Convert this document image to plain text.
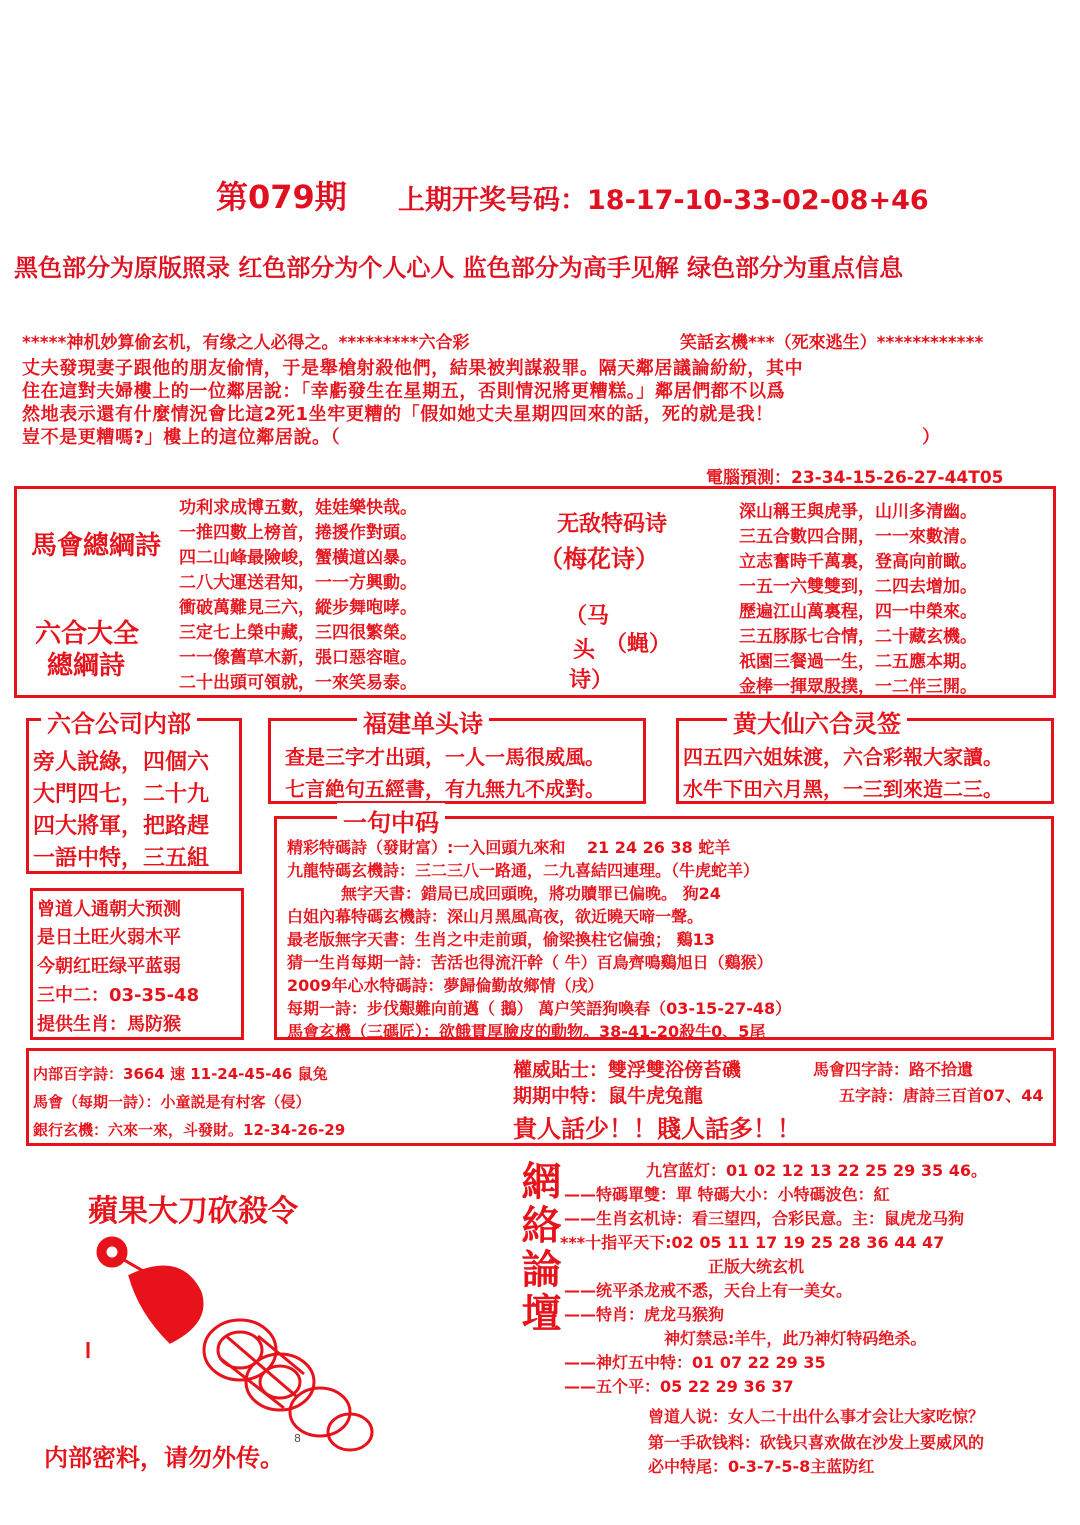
第079期 上期开奖号码：18-17-10-33-02-08+46
黑色部分为原版照录 红色部分为个人心人 监色部分为高手见解 绿色部分为重点信息
*****神机妙算偷玄机，有缘之人必得之。*********六合彩	笑話玄機***（死來逃生）************
丈夫發現妻子跟他的朋友偷情，于是舉槍射殺他們，結果被判謀殺罪。隔天鄰居議論紛紛，其中
住在這對夫婦樓上的一位鄰居說：「幸虧發生在星期五，否則情況將更糟糕。」鄰居們都不以爲
然地表示還有什麼情況會比這2死1坐牢更糟的「假如她丈夫星期四回來的話，死的就是我！
豈不是更糟嗎?」樓上的這位鄰居說。（	）
電腦預測：23-34-15-26-27-44T05
馬會總綱詩
六合大全
總綱詩
功利求成博五數，娃娃樂快哉。
一推四數上榜首，捲援作對頭。
四二山峰最險峻，蟹橫道凶暴。
二八大運送君知，一一方興動。
衝破萬難見三六，縱步舞咆哮。
三定七上榮中藏，三四很繁榮。
一一像舊草木新，張口惡容暄。
二十出頭可領就，一來笑易泰。
无敌特码诗
（梅花诗）
（马
头
诗）
（蝇）
深山稱王與虎爭，山川多清幽。
三五合數四合開，一一來數清。
立志奮時千萬裏，登高向前瞰。
一五一六雙雙到，二四去增加。
歷遍江山萬裏程，四一中榮來。
三五豚豚七合情，二十藏玄機。
祇園三餐過一生，二五應本期。
金棒一揮眾殷撲，一二伴三開。
六合公司内部
旁人說綠，四個六
大門四七，二十九
四大將軍，把路趕
一語中特，三五組
福建单头诗
查是三字才出頭，一人一馬很威風。
七言絶句五經書，有九無九不成對。
黄大仙六合灵签
四五四六姐妹渡，六合彩報大家讀。
水牛下田六月黑，一三到來造二三。
曾道人通朝大预测
是日土旺火弱木平
今朝红旺绿平蓝弱
三中二：03-35-48
提供生肖：馬防猴
一句中码
精彩特碼詩（發財富）:一入回頭九來和　 21 24 26 38 蛇羊
九龍特碼玄機詩：三二三八一路通，二九喜結四連理。（牛虎蛇羊）
無字天書：錯局已成回頭晚，將功贖罪已偏晚。 狗24
白姐內幕特碼玄機詩：深山月黑風高夜，欲近曉天啼一聲。
最老版無字天書：生肖之中走前頭，偷梁換柱它偏強； 鷄13
猜一生肖每期一詩：苦活也得流汗幹（ 牛）百鳥齊鳴鷄旭日（鷄猴）
2009年心水特碼詩：夢歸倫勤故鄉情（戌）
每期一詩：步伐艱難向前邁（ 鵝） 萬户笑語狗喚春（03-15-27-48）
馬會玄機（三碼匠）：欲餓貫厚臉皮的動物。38-41-20殺牛0、5尾
内部百字詩：3664 速 11-24-45-46 鼠兔
馬會（每期一詩）：小童説是有村客（侵）
銀行玄機：六來一來，斗發財。12-34-26-29
權威貼士：雙浮雙浴傍苔磯	馬會四字詩：路不拾遺
期期中特：鼠牛虎兔龍	五字詩：唐詩三百首07、44
貴人話少！！賤人話多！！
蘋果大刀砍殺令
8
内部密料，请勿外传。
網絡論壇	九宫蓝灯：01 02 12 13 22 25 29 35 46。
——特碼單雙：單 特碼大小：小特碼波色：紅
——生肖玄机诗：看三望四，合彩民意。主：鼠虎龙马狗
***十指平天下:02 05 11 17 19 25 28 36 44 47
正版大统玄机
——统平杀龙戒不悉，天台上有一美女。
——特肖：虎龙马猴狗
神灯禁忌:羊牛，此乃神灯特码绝杀。
——神灯五中特：01 07 22 29 35
——五个平：05 22 29 36 37
曾道人说：女人二十出什么事才会让大家吃惊？
第一手砍钱料：砍钱只喜欢做在沙发上要威风的
必中特尾：0-3-7-5-8主蓝防红
